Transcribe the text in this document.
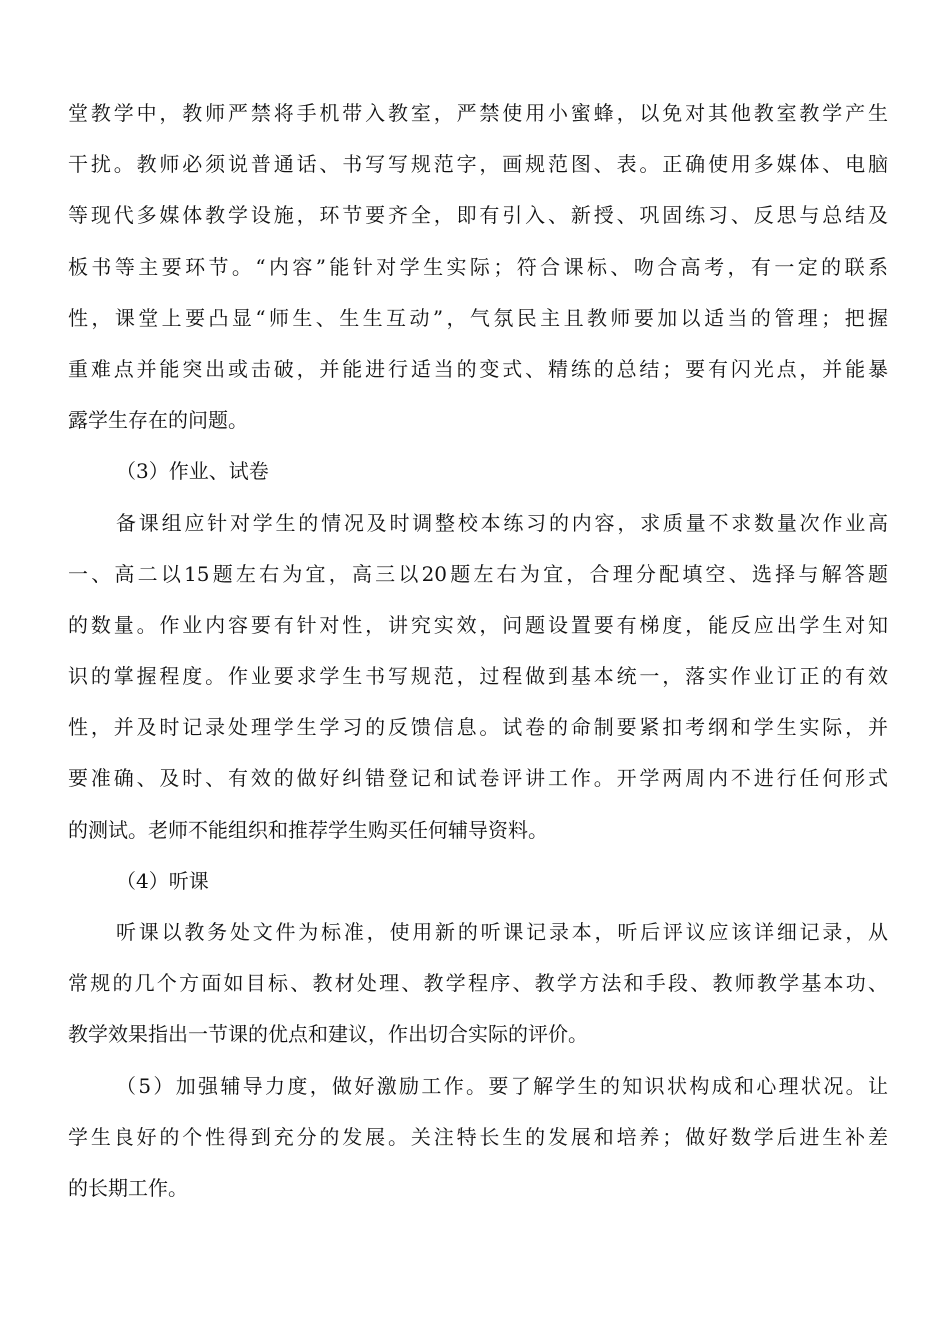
堂教学中，教师严禁将手机带入教室，严禁使用小蜜蜂，以免对其他教室教学产生
干扰。教师必须说普通话、书写写规范字，画规范图、表。正确使用多媒体、电脑
等现代多媒体教学设施，环节要齐全，即有引入、新授、巩固练习、反思与总结及
板书等主要环节。“内容”能针对学生实际；符合课标、吻合高考，有一定的联系
性，课堂上要凸显“师生、生生互动”，气氛民主且教师要加以适当的管理；把握
重难点并能突出或击破，并能进行适当的变式、精练的总结；要有闪光点，并能暴
露学生存在的问题。
（3）作业、试卷
备课组应针对学生的情况及时调整校本练习的内容，求质量不求数量次作业高
一、高二以15题左右为宜，高三以20题左右为宜，合理分配填空、选择与解答题
的数量。作业内容要有针对性，讲究实效，问题设置要有梯度，能反应出学生对知
识的掌握程度。作业要求学生书写规范，过程做到基本统一，落实作业订正的有效
性，并及时记录处理学生学习的反馈信息。试卷的命制要紧扣考纲和学生实际，并
要准确、及时、有效的做好纠错登记和试卷评讲工作。开学两周内不进行任何形式
的测试。老师不能组织和推荐学生购买任何辅导资料。
（4）听课
听课以教务处文件为标准，使用新的听课记录本，听后评议应该详细记录，从
常规的几个方面如目标、教材处理、教学程序、教学方法和手段、教师教学基本功、
教学效果指出一节课的优点和建议，作出切合实际的评价。
（5）加强辅导力度，做好激励工作。要了解学生的知识状构成和心理状况。让
学生良好的个性得到充分的发展。关注特长生的发展和培养；做好数学后进生补差
的长期工作。
